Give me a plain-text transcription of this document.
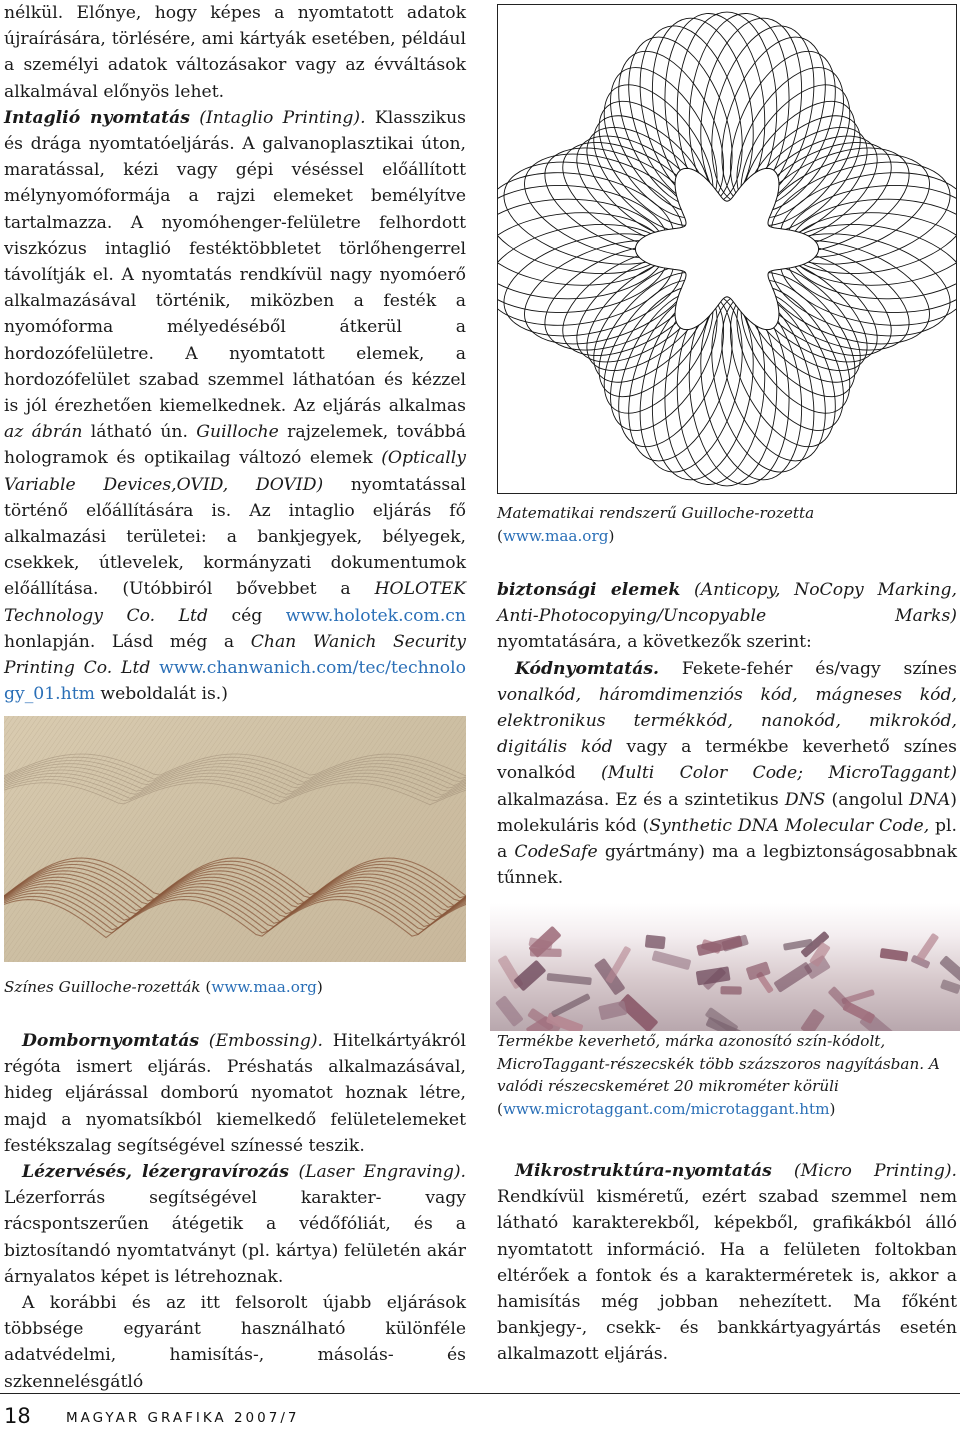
nélkül. Előnye, hogy képes a nyomtatott adatok újraírására, törlésére, ami kártyák esetében, például a személyi adatok változásakor vagy az évváltások alkalmával előnyös lehet.

Intaglió nyomtatás (Intaglio Printing). Klasszikus és drága nyomtatóeljárás. A galvanoplasztikai úton, maratással, kézi vagy gépi véséssel előállított mélynyomóformája a rajzi elemeket bemélyítve tartalmazza. A nyomóhenger-felületre felhordott viszkózus intaglió festéktöbbletet törlőhengerrel távolítják el. A nyomtatás rendkívül nagy nyomóerő alkalmazásával történik, miközben a festék a nyomóforma mélyedéséből átkerül a hordozófelületre. A nyomtatott elemek, a hordozófelület szabad szemmel láthatóan és kézzel is jól érezhetően kiemelkednek. Az eljárás alkalmas az ábrán látható ún. Guilloche rajzelemek, továbbá hologramok és optikailag változó elemek (Optically Variable Devices,OVID, DOVID) nyomtatással történő előállítására is. Az intaglio eljárás fő alkalmazási területei: a bankjegyek, bélyegek, csekkek, útlevelek, kormányzati dokumentumok előállítása. (Utóbbiról bővebbet a HOLOTEK Technology Co. Ltd cég www.holotek.com.cn honlapján. Lásd még a Chan Wanich Security Printing Co. Ltd www.chanwanich.com/tec/technology_01.htm weboldalát is.)

Matematikai rendszerű Guilloche-rozetta
(www.maa.org)

biztonsági elemek (Anticopy, NoCopy Marking, Anti-Photocopying/Uncopyable Marks) nyomtatására, a következők szerint:

Kódnyomtatás. Fekete-fehér és/vagy színes vonalkód, háromdimenziós kód, mágneses kód, elektronikus termékkód, nanokód, mikrokód, digitális kód vagy a termékbe keverhető színes vonalkód (Multi Color Code; MicroTaggant) alkalmazása. Ez és a szintetikus DNS (angolul DNA) molekuláris kód (Synthetic DNA Molecular Code, pl. a CodeSafe gyártmány) ma a legbiztonságosabbnak tűnnek.

Színes Guilloche-rozetták (www.maa.org)
Termékbe keverhető, márka azonosító szín-kódolt, MicroTaggant-részecskék több százszoros nagyításban. A valódi részecskeméret 20 mikrométer körüli
(www.microtaggant.com/microtaggant.htm)

Dombornyomtatás (Embossing). Hitelkártyákról régóta ismert eljárás. Préshatás alkalmazásával, hideg eljárással domború nyomatot hoznak létre, majd a nyomatsíkból kiemelkedő felületelemeket festékszalag segítségével színessé teszik.

Lézervésés, lézergravírozás (Laser Engraving). Lézerforrás segítségével karakter- vagy rácspontszerűen átégetik a védőfóliát, és a biztosítandó nyomtatványt (pl. kártya) felületén akár árnyalatos képet is létrehoznak.

A korábbi és az itt felsorolt újabb eljárások többsége egyaránt használható különféle adatvédelmi, hamisítás-, másolás- és szkennelésgátló

Mikrostruktúra-nyomtatás (Micro Printing). Rendkívül kisméretű, ezért szabad szemmel nem látható karakterekből, képekből, grafikákból álló nyomtatott információ. Ha a felületen foltokban eltérőek a fontok és a karakterméretek is, akkor a hamisítás még jobban nehezített. Ma főként bankjegy-, csekk- és bankkártyagyártás esetén alkalmazott eljárás.

18	MAGYAR GRAFIKA 2007/7
